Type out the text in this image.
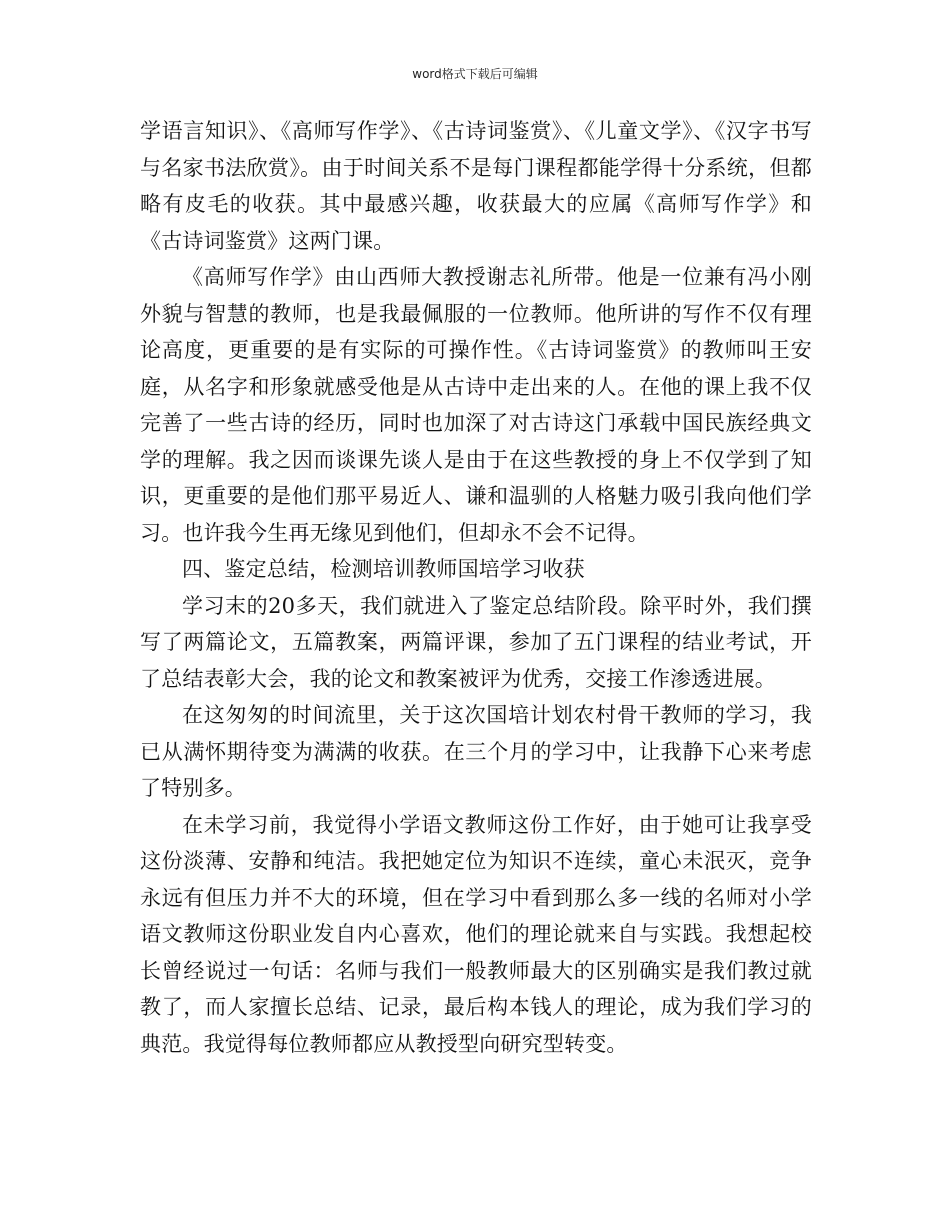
word格式下载后可编辑

学语言知识》、《高师写作学》、《古诗词鉴赏》、《儿童文学》、《汉字书写与名家书法欣赏》。由于时间关系不是每门课程都能学得十分系统，但都略有皮毛的收获。其中最感兴趣，收获最大的应属《高师写作学》和《古诗词鉴赏》这两门课。

《高师写作学》由山西师大教授谢志礼所带。他是一位兼有冯小刚外貌与智慧的教师，也是我最佩服的一位教师。他所讲的写作不仅有理论高度，更重要的是有实际的可操作性。《古诗词鉴赏》的教师叫王安庭，从名字和形象就感受他是从古诗中走出来的人。在他的课上我不仅完善了一些古诗的经历，同时也加深了对古诗这门承载中国民族经典文学的理解。我之因而谈课先谈人是由于在这些教授的身上不仅学到了知识，更重要的是他们那平易近人、谦和温驯的人格魅力吸引我向他们学习。也许我今生再无缘见到他们，但却永不会不记得。

四、鉴定总结，检测培训教师国培学习收获

学习末的20多天，我们就进入了鉴定总结阶段。除平时外，我们撰写了两篇论文，五篇教案，两篇评课，参加了五门课程的结业考试，开了总结表彰大会，我的论文和教案被评为优秀，交接工作渗透进展。

在这匆匆的时间流里，关于这次国培计划农村骨干教师的学习，我已从满怀期待变为满满的收获。在三个月的学习中，让我静下心来考虑了特别多。

在未学习前，我觉得小学语文教师这份工作好，由于她可让我享受这份淡薄、安静和纯洁。我把她定位为知识不连续，童心未泯灭，竞争永远有但压力并不大的环境，但在学习中看到那么多一线的名师对小学语文教师这份职业发自内心喜欢，他们的理论就来自与实践。我想起校长曾经说过一句话：名师与我们一般教师最大的区别确实是我们教过就教了，而人家擅长总结、记录，最后构本钱人的理论，成为我们学习的典范。我觉得每位教师都应从教授型向研究型转变。
